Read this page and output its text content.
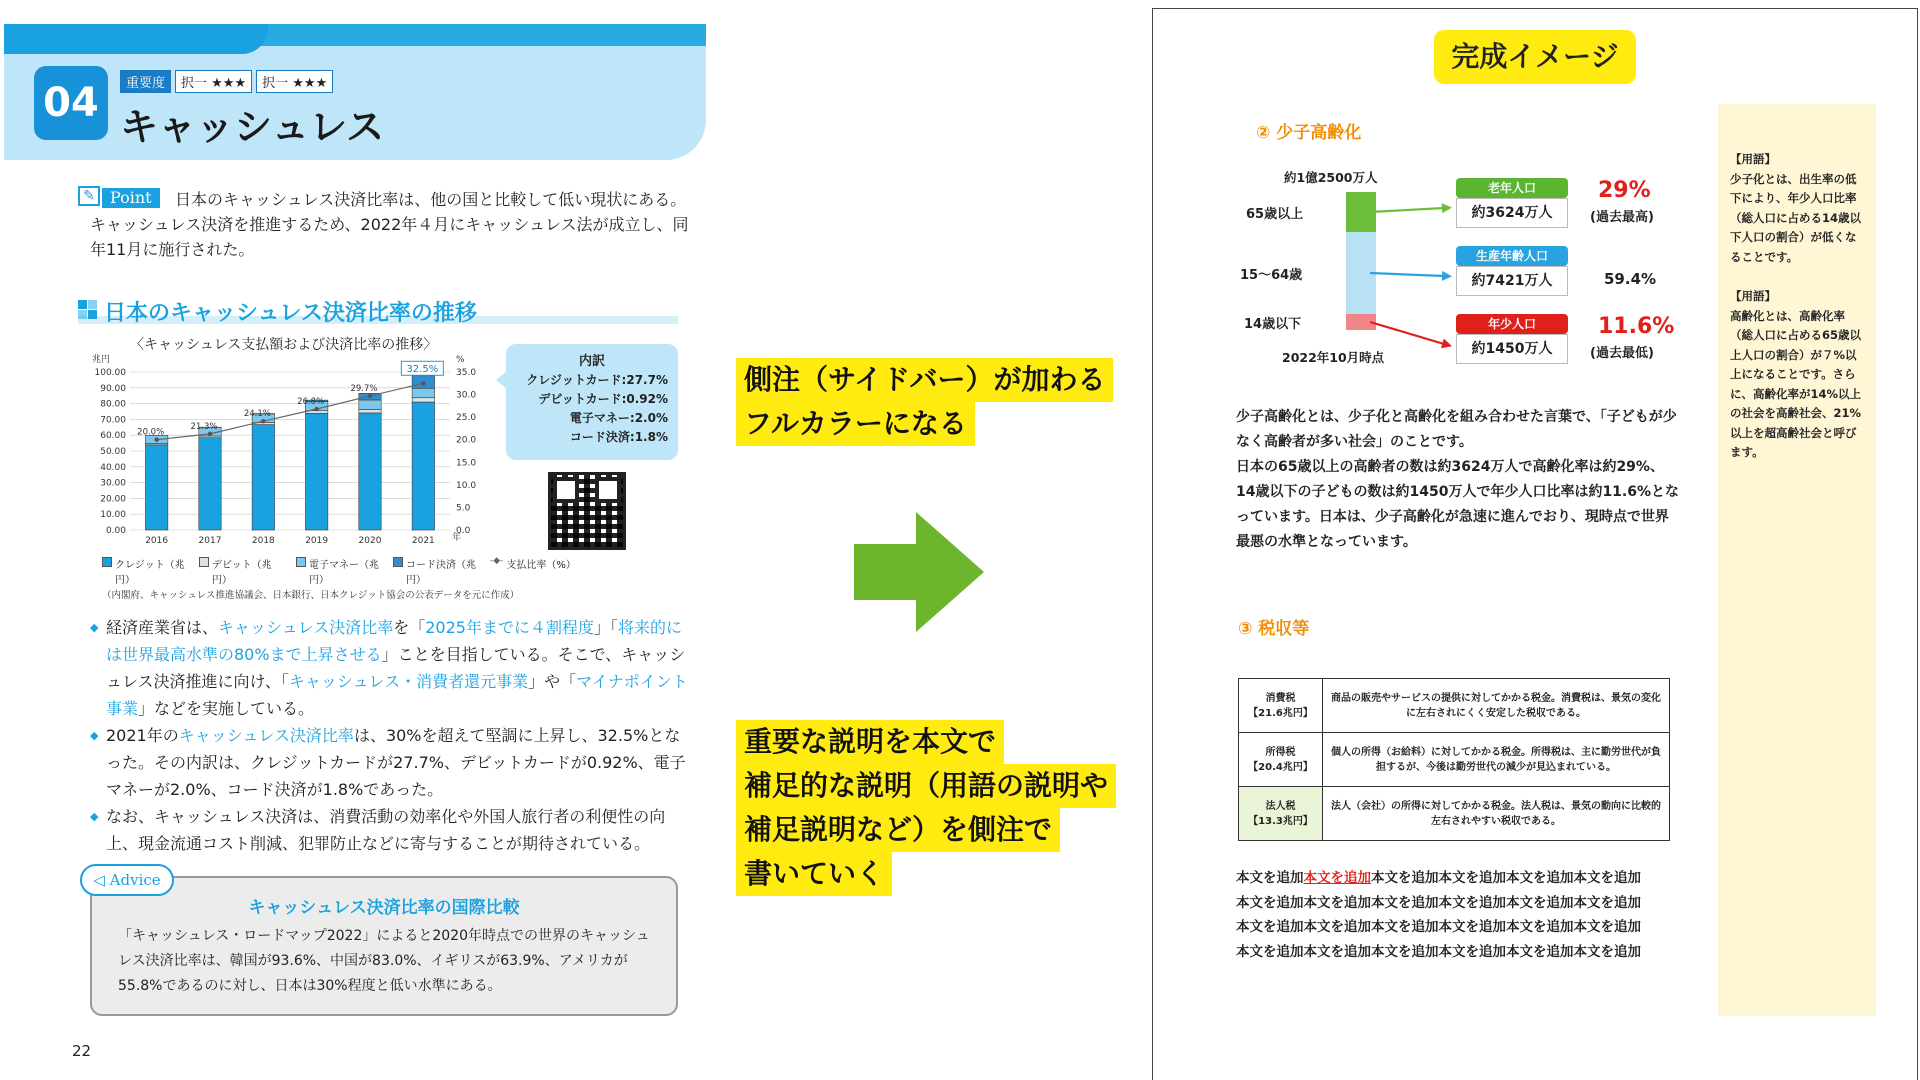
04	重要度	択一 ★★★	択一 ★★★
キャッシュレス
日本のキャッシュレス決済比率は、他の国と比較して低い現状にある。キャッシュレス決済を推進するため、2022年４月にキャッシュレス法が成立し、同年11月に施行された。
✎ Point
日本のキャッシュレス決済比率の推移
〈キャッシュレス支払額および決済比率の推移〉
兆円	%
100.00
90.00
80.00
70.00
60.00
50.00
40.00
30.00
20.00
10.00
0.00
35.0
30.0
25.0
20.0
15.0
10.0
5.0
0.0
2016	2017	2018	2019	2020	2021 年
20.0%
21.3%
24.1%
26.8%
29.7%
32.5%
クレジット（兆円）
デビット（兆円）
電子マネー（兆円）
コード決済（兆円）
-◆- 支払比率（%）
（内閣府、キャッシュレス推進協議会、日本銀行、日本クレジット協会の公表データを元に作成）
内訳
クレジットカード:27.7%
デビットカード:0.92%
電子マネー:2.0%
コード決済:1.8%
◆ 経済産業省は、キャッシュレス決済比率を「2025年までに４割程度」「将来的には世界最高水準の80%まで上昇させる」ことを目指している。そこで、キャッシュレス決済推進に向け、「キャッシュレス・消費者還元事業」や「マイナポイント事業」などを実施している。
◆ 2021年のキャッシュレス決済比率は、30%を超えて堅調に上昇し、32.5%となった。その内訳は、クレジットカードが27.7%、デビットカードが0.92%、電子マネーが2.0%、コード決済が1.8%であった。
◆ なお、キャッシュレス決済は、消費活動の効率化や外国人旅行者の利便性の向上、現金流通コスト削減、犯罪防止などに寄与することが期待されている。
◁ Advice
キャッシュレス決済比率の国際比較
「キャッシュレス・ロードマップ2022」によると2020年時点での世界のキャッシュレス決済比率は、韓国が93.6%、中国が83.0%、イギリスが63.9%、アメリカが55.8%であるのに対し、日本は30%程度と低い水準にある。
22
側注（サイドバー）が加わる
フルカラーになる
重要な説明を本文で
補足的な説明（用語の説明や
補足説明など）を側注で
書いていく
完成イメージ

【用語】
少子化とは、出生率の低下により、年少人口比率（総人口に占める14歳以下人口の割合）が低くなることです。

【用語】
高齢化とは、高齢化率（総人口に占める65歳以上人口の割合）が７%以上になることです。さらに、高齢化率が14%以上の社会を高齢社会、21%以上を超高齢社会と呼びます。

② 少子高齢化
約1億2500万人
65歳以上
老年人口
約3624万人
29%
(過去最高)
15〜64歳
生産年齢人口
約7421万人	59.4%
14歳以下	年少人口
約1450万人
11.6%
(過去最低)
2022年10月時点

少子高齢化とは、少子化と高齢化を組み合わせた言葉で、「子どもが少なく高齢者が多い社会」のことです。

日本の65歳以上の高齢者の数は約3624万人で高齢化率は約29%、14歳以下の子どもの数は約1450万人で年少人口比率は約11.6%となっています。日本は、少子高齢化が急速に進んでおり、現時点で世界最悪の水準となっています。

③ 税収等
消費税
【21.6兆円】	商品の販売やサービスの提供に対してかかる税金。消費税は、景気の変化に左右されにくく安定した税収である。

所得税
【20.4兆円】	個人の所得（お給料）に対してかかる税金。所得税は、主に勤労世代が負担するが、今後は勤労世代の減少が見込まれている。

法人税
【13.3兆円】	法人（会社）の所得に対してかかる税金。法人税は、景気の動向に比較的左右されやすい税収である。
本文を追加本文を追加本文を追加本文を追加本文を追加本文を追加
本文を追加本文を追加本文を追加本文を追加本文を追加本文を追加
本文を追加本文を追加本文を追加本文を追加本文を追加本文を追加
本文を追加本文を追加本文を追加本文を追加本文を追加本文を追加
